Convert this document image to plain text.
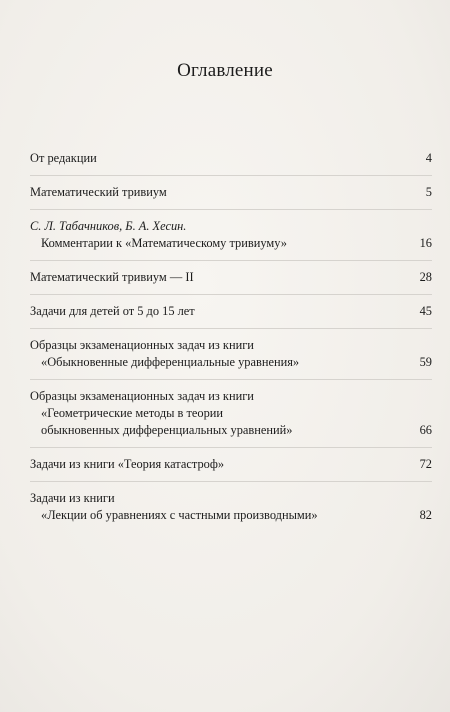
Оглавление
От редакции	4
Математический тривиум	5
С. Л. Табачников, Б. А. Хесин.
Комментарии к «Математическому тривиуму»	16
Математический тривиум — II	28
Задачи для детей от 5 до 15 лет	45
Образцы экзаменационных задач из книги
«Обыкновенные дифференциальные уравнения»	59
Образцы экзаменационных задач из книги
«Геометрические методы в теории
обыкновенных дифференциальных уравнений»	66
Задачи из книги «Теория катастроф»	72
Задачи из книги
«Лекции об уравнениях с частными производными»	82
